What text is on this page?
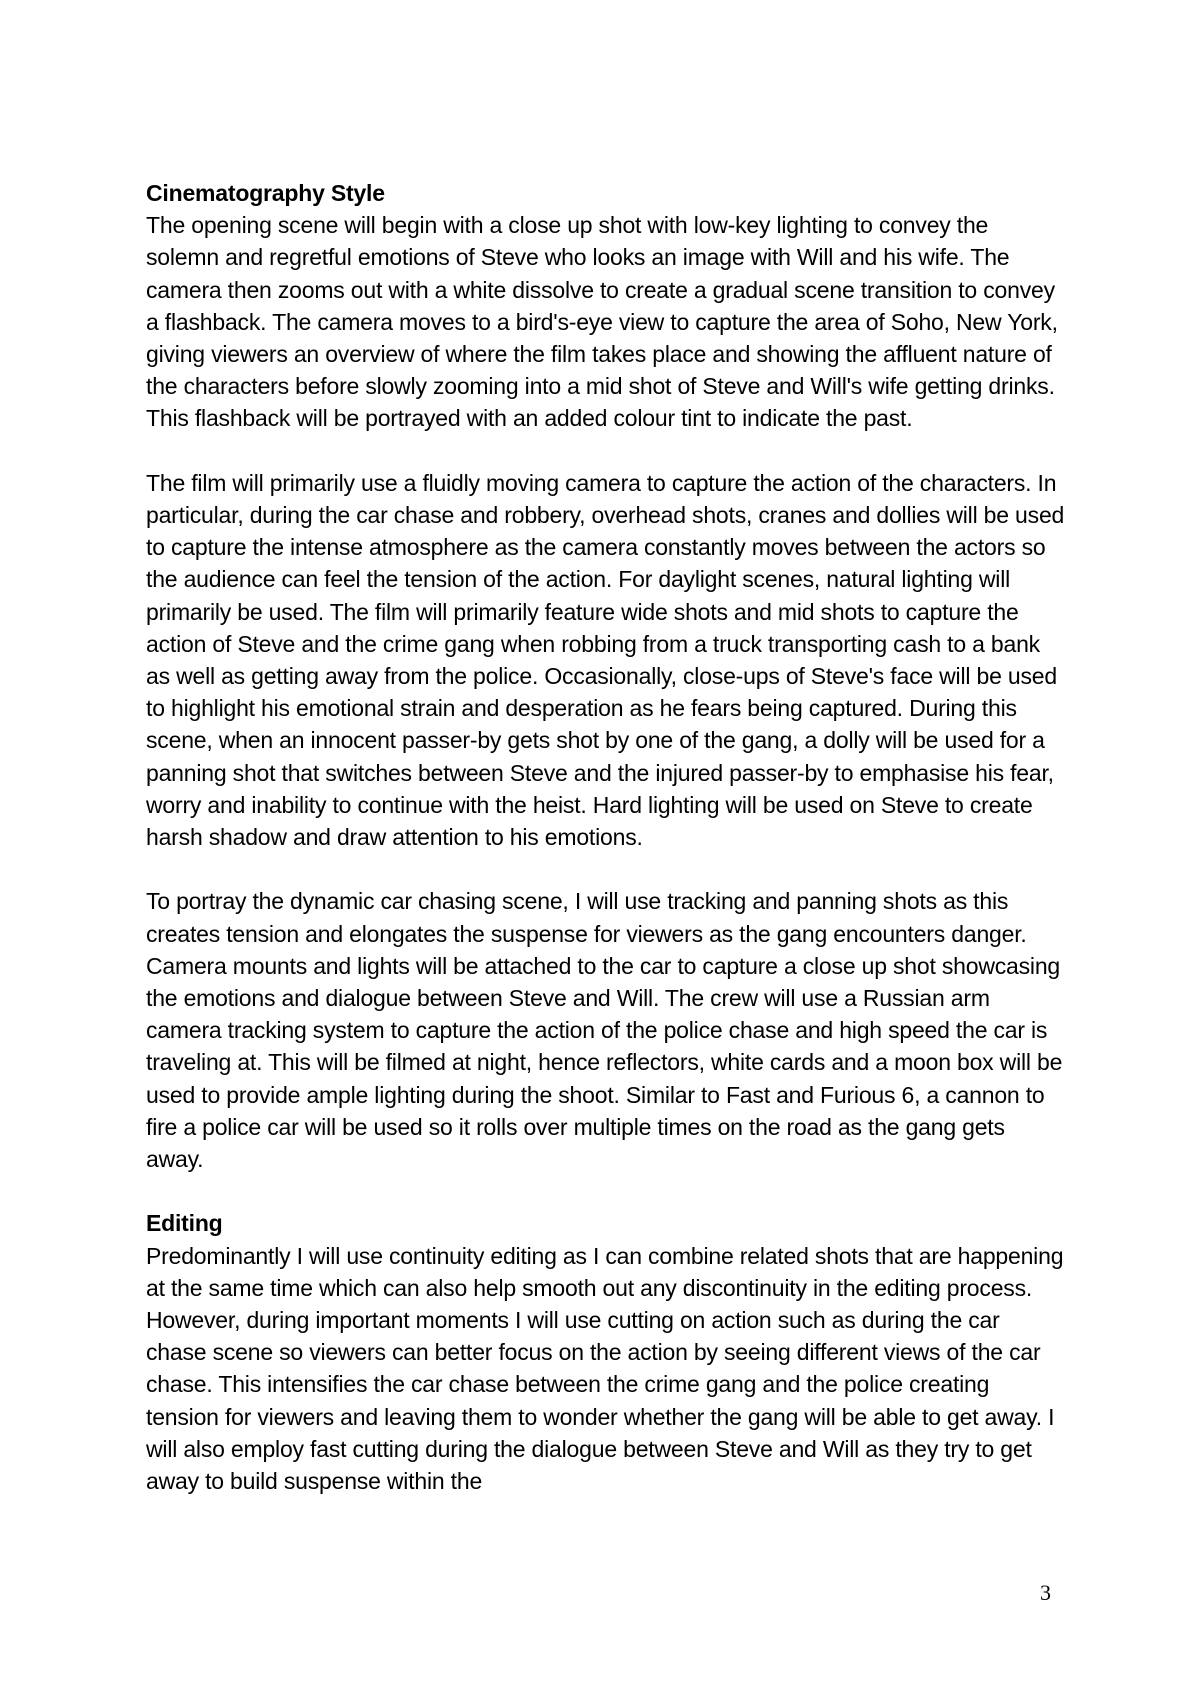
Cinematography Style

The opening scene will begin with a close up shot with low-key lighting to convey the solemn and regretful emotions of Steve who looks an image with Will and his wife. The camera then zooms out with a white dissolve to create a gradual scene transition to convey a flashback. The camera moves to a bird's-eye view to capture the area of Soho, New York, giving viewers an overview of where the film takes place and showing the affluent nature of the characters before slowly zooming into a mid shot of Steve and Will's wife getting drinks. This flashback will be portrayed with an added colour tint to indicate the past.

The film will primarily use a fluidly moving camera to capture the action of the characters. In particular, during the car chase and robbery, overhead shots, cranes and dollies will be used to capture the intense atmosphere as the camera constantly moves between the actors so the audience can feel the tension of the action. For daylight scenes, natural lighting will primarily be used. The film will primarily feature wide shots and mid shots to capture the action of Steve and the crime gang when robbing from a truck transporting cash to a bank as well as getting away from the police. Occasionally, close-ups of Steve's face will be used to highlight his emotional strain and desperation as he fears being captured. During this scene, when an innocent passer-by gets shot by one of the gang, a dolly will be used for a panning shot that switches between Steve and the injured passer-by to emphasise his fear, worry and inability to continue with the heist. Hard lighting will be used on Steve to create harsh shadow and draw attention to his emotions.

To portray the dynamic car chasing scene, I will use tracking and panning shots as this creates tension and elongates the suspense for viewers as the gang encounters danger. Camera mounts and lights will be attached to the car to capture a close up shot showcasing the emotions and dialogue between Steve and Will. The crew will use a Russian arm camera tracking system to capture the action of the police chase and high speed the car is traveling at. This will be filmed at night, hence reflectors, white cards and a moon box will be used to provide ample lighting during the shoot. Similar to Fast and Furious 6, a cannon to fire a police car will be used so it rolls over multiple times on the road as the gang gets away.

Editing

Predominantly I will use continuity editing as I can combine related shots that are happening at the same time which can also help smooth out any discontinuity in the editing process. However, during important moments I will use cutting on action such as during the car chase scene so viewers can better focus on the action by seeing different views of the car chase. This intensifies the car chase between the crime gang and the police creating tension for viewers and leaving them to wonder whether the gang will be able to get away. I will also employ fast cutting during the dialogue between Steve and Will as they try to get away to build suspense within the

3
